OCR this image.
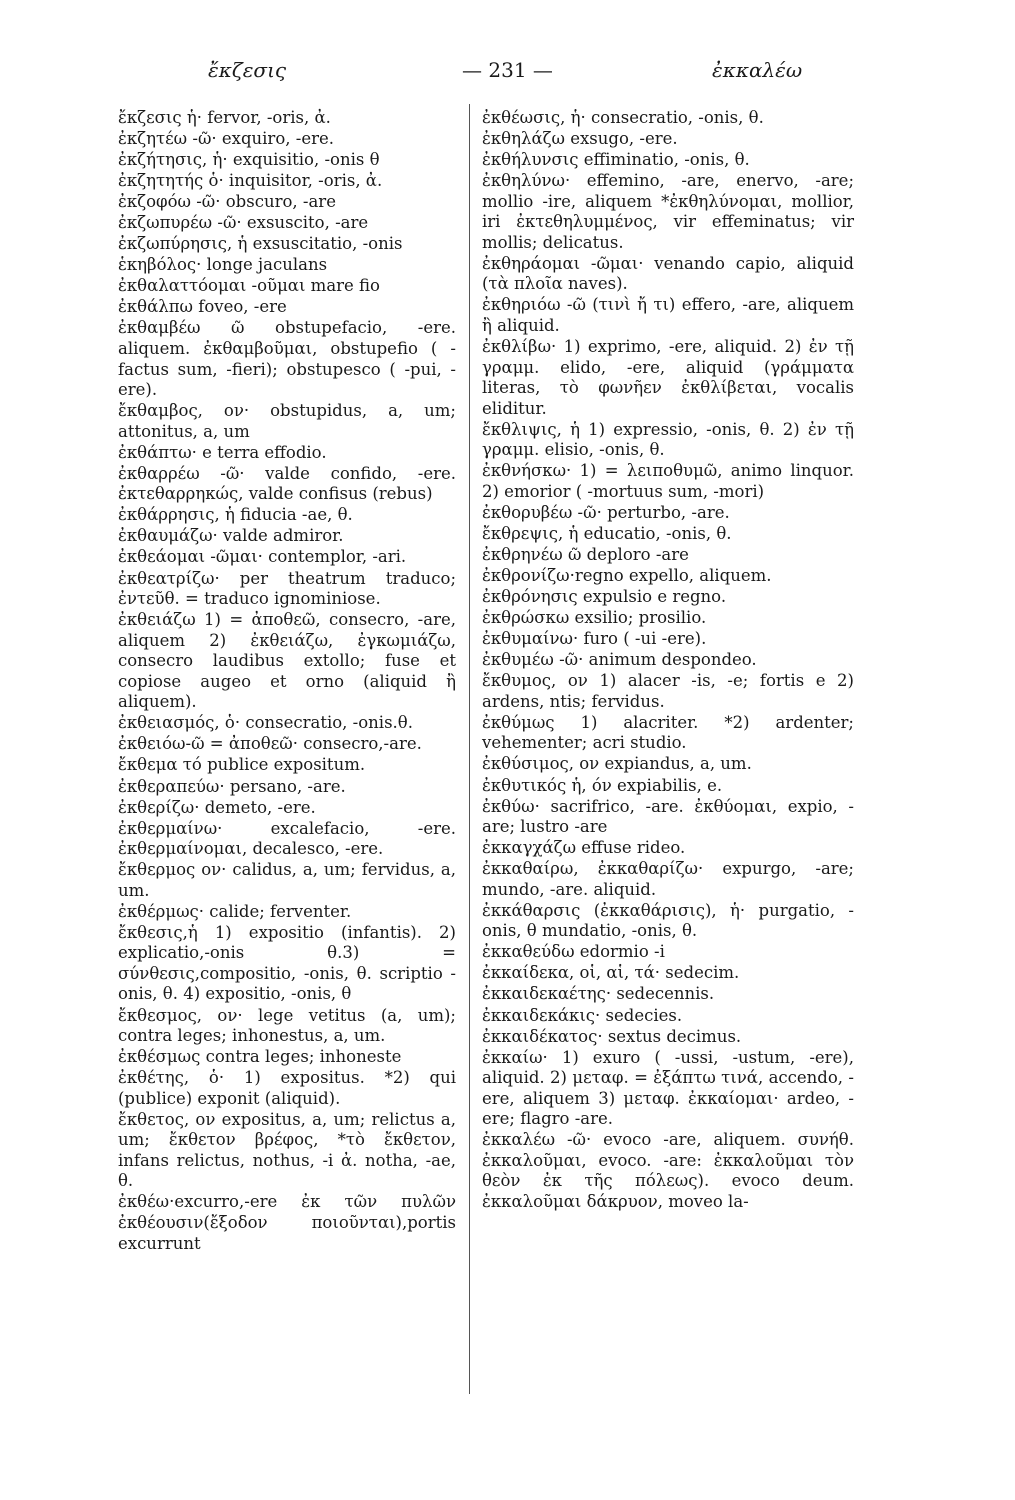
ἔκζεσις	— 231 —	ἐκκαλέω

ἔκζεσις ἡ· fervor, -oris, ἀ.

ἐκζητέω -ῶ· exquiro, -ere.

ἐκζήτησις, ἡ· exquisitio, -onis θ

ἐκζητητής ὁ· inquisitor, -oris, ἀ.

ἐκζοφόω -ῶ· obscuro, -are

ἐκζωπυρέω -ῶ· exsuscito, -are

ἐκζωπύρησις, ἡ exsuscitatio, -onis

ἑκηβόλος· longe jaculans

ἐκθαλαττόομαι -οῦμαι mare fio

ἐκθάλπω foveo, -ere

ἐκθαμβέω ῶ obstupefacio, -ere. aliquem. ἐκθαμβοῦμαι, obstupefio ( -factus sum, -fieri); obstupesco ( -pui, -ere).

ἔκθαμβος, ον· obstupidus, a, um; attonitus, a, um

ἐκθάπτω· e terra effodio.

ἐκθαρρέω -ῶ· valde confido, -ere. ἐκτεθαρρηκώς, valde confisus (rebus)

ἐκθάρρησις, ἡ fiducia -ae, θ.

ἐκθαυμάζω· valde admiror.

ἐκθεάομαι -ῶμαι· contemplor, -ari.

ἐκθεατρίζω· per theatrum traduco; ἐντεῦθ. = traduco ignominiose.

ἐκθειάζω 1) = ἀποθεῶ, consecro, -are, aliquem 2) ἐκθειάζω, ἐγκωμιάζω, consecro laudibus extollo; fuse et copiose augeo et orno (aliquid ἢ aliquem).

ἐκθειασμός, ὁ· consecratio, -onis.θ.

ἐκθειόω-ῶ = ἀποθεῶ· consecro,-are.

ἔκθεμα τό publice expositum.

ἐκθεραπεύω· persano, -are.

ἐκθερίζω· demeto, -ere.

ἐκθερμαίνω· excalefacio, -ere. ἐκθερμαίνομαι, decalesco, -ere.

ἔκθερμος ον· calidus, a, um; fervidus, a, um.

ἐκθέρμως· calide; ferventer.

ἔκθεσις,ἡ 1) expositio (infantis). 2) explicatio,-onis θ.3) = σύνθεσις,compositio, -onis, θ. scriptio -onis, θ. 4) expositio, -onis, θ

ἔκθεσμος, ον· lege vetitus (a, um); contra leges; inhonestus, a, um.

ἐκθέσμως contra leges; inhoneste

ἐκθέτης, ὁ· 1) expositus. *2) qui (publice) exponit (aliquid).

ἔκθετος, ον expositus, a, um; relictus a, um; ἔκθετον βρέφος, *τὸ ἔκθετον, infans relictus, nothus, -i ἀ. notha, -ae, θ.

ἐκθέω·excurro,-ere ἐκ τῶν πυλῶν ἐκθέουσιν(ἔξοδον ποιοῦνται),portis excurrunt

ἐκθέωσις, ἡ· consecratio, -onis, θ.

ἐκθηλάζω exsugo, -ere.

ἐκθήλυνσις effiminatio, -onis, θ.

ἐκθηλύνω· effemino, -are, enervo, -are; mollio -ire, aliquem *ἐκθηλύνομαι, mollior, iri ἐκτεθηλυμμένος, vir effeminatus; vir mollis; delicatus.

ἐκθηράομαι -ῶμαι· venando capio, aliquid (τὰ πλοῖα naves).

ἐκθηριόω -ῶ (τινὶ ἤ τι) effero, -are, aliquem ἢ aliquid.

ἐκθλίβω· 1) exprimo, -ere, aliquid. 2) ἐν τῇ γραμμ. elido, -ere, aliquid (γράμματα literas, τὸ φωνῆεν ἐκθλίβεται, vocalis eliditur.

ἔκθλιψις, ἡ 1) expressio, -onis, θ. 2) ἐν τῇ γραμμ. elisio, -onis, θ.

ἐκθνήσκω· 1) = λειποθυμῶ, animo linquor. 2) emorior ( -mortuus sum, -mori)

ἐκθορυβέω -ῶ· perturbo, -are.

ἔκθρεψις, ἡ educatio, -onis, θ.

ἐκθρηνέω ῶ deploro -are

ἐκθρονίζω·regno expello, aliquem.

ἐκθρόνησις expulsio e regno.

ἐκθρώσκω exsilio; prosilio.

ἐκθυμαίνω· furo ( -ui -ere).

ἐκθυμέω -ῶ· animum despondeo.

ἔκθυμος, ον 1) alacer -is, -e; fortis e 2) ardens, ntis; fervidus.

ἐκθύμως 1) alacriter. *2) ardenter; vehementer; acri studio.

ἐκθύσιμος, ον expiandus, a, um.

ἐκθυτικός ἡ, όν expiabilis, e.

ἐκθύω· sacrifrico, -are. ἐκθύομαι, expio, -are; lustro -are

ἐκκαγχάζω effuse rideo.

ἐκκαθαίρω, ἐκκαθαρίζω· expurgo, -are; mundo, -are. aliquid.

ἐκκάθαρσις (ἐκκαθάρισις), ἡ· purgatio, -onis, θ mundatio, -onis, θ.

ἐκκαθεύδω edormio -i

ἐκκαίδεκα, οἱ, αἱ, τά· sedecim.

ἐκκαιδεκαέτης· sedecennis.

ἐκκαιδεκάκις· sedecies.

ἐκκαιδέκατος· sextus decimus.

ἐκκαίω· 1) exuro ( -ussi, -ustum, -ere), aliquid. 2) μεταφ. = ἐξάπτω τινά, accendo, -ere, aliquem 3) μεταφ. ἐκκαίομαι· ardeo, -ere; flagro -are.

ἐκκαλέω -ῶ· evoco -are, aliquem. συνήθ. ἐκκαλοῦμαι, evoco. -are: ἐκκαλοῦμαι τὸν θεὸν ἐκ τῆς πόλεως). evoco deum. ἐκκαλοῦμαι δάκρυον, moveo la-
